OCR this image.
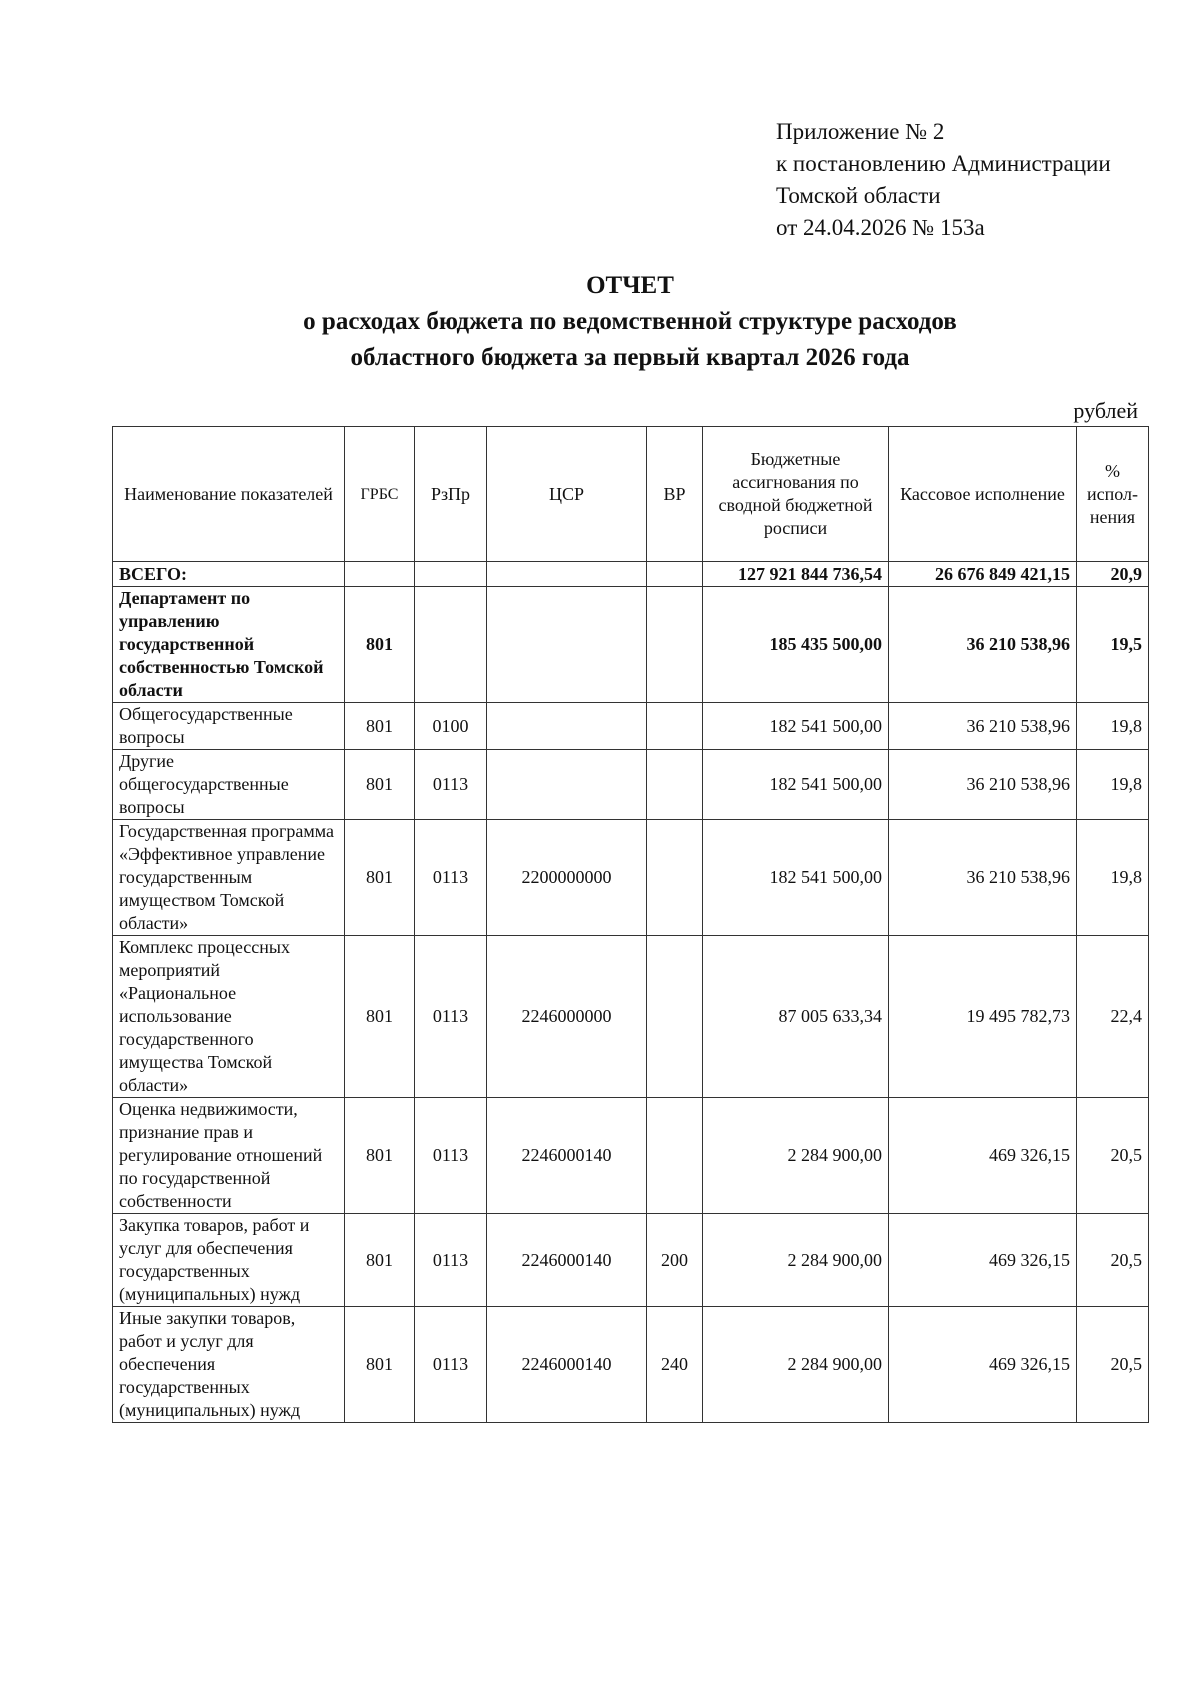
Приложение № 2
к постановлению Администрации
Томской области
от 24.04.2026 № 153а
ОТЧЕТ
о расходах бюджета по ведомственной структуре расходов
областного бюджета за первый квартал 2026 года
рублей
Наименование показателей	ГРБС	РзПр	ЦСР	ВР	Бюджетные ассигнования по сводной бюджетной росписи	Кассовое исполнение	% испол-нения
ВСЕГО:					127 921 844 736,54	26 676 849 421,15	20,9
Департамент по управлению государственной собственностью Томской области	801				185 435 500,00	36 210 538,96	19,5
Общегосударственные вопросы	801	0100			182 541 500,00	36 210 538,96	19,8
Другие общегосударственные вопросы	801	0113			182 541 500,00	36 210 538,96	19,8
Государственная программа «Эффективное управление государственным имуществом Томской области»	801	0113	2200000000		182 541 500,00	36 210 538,96	19,8
Комплекс процессных мероприятий «Рациональное использование государственного имущества Томской области»	801	0113	2246000000		87 005 633,34	19 495 782,73	22,4
Оценка недвижимости, признание прав и регулирование отношений по государственной собственности	801	0113	2246000140		2 284 900,00	469 326,15	20,5
Закупка товаров, работ и услуг для обеспечения государственных (муниципальных) нужд	801	0113	2246000140	200	2 284 900,00	469 326,15	20,5
Иные закупки товаров, работ и услуг для обеспечения государственных (муниципальных) нужд	801	0113	2246000140	240	2 284 900,00	469 326,15	20,5
